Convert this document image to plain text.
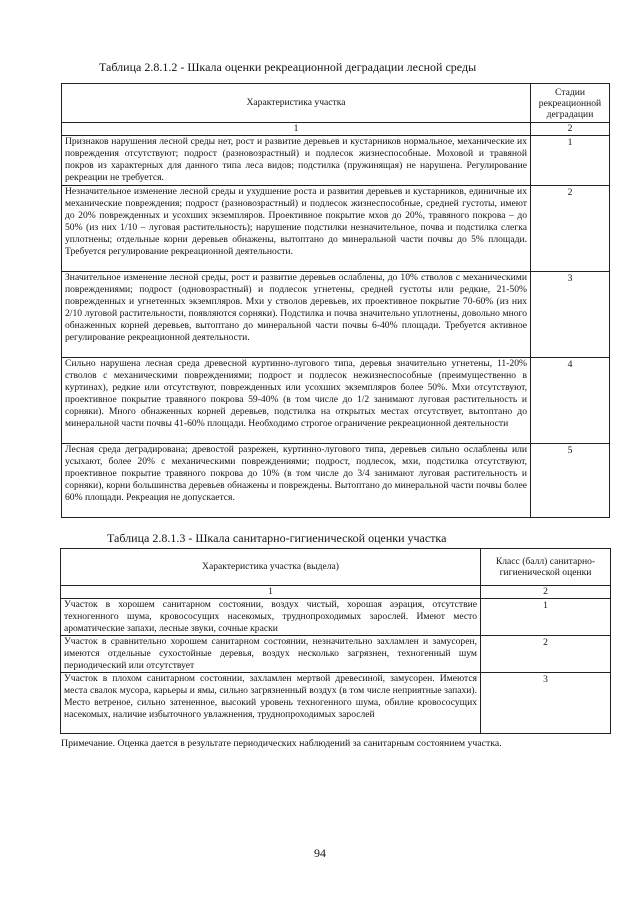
Таблица 2.8.1.2 - Шкала оценки рекреационной деградации лесной среды
Характеристика участка	Стадии рекреационной деградации
1	2
Признаков нарушения лесной среды нет, рост и развитие деревьев и кустарников нормальное, механические их повреждения отсутствуют; подрост (разновозрастный) и подлесок жизнеспособные. Моховой и травяной покров из характерных для данного типа леса видов; подстилка (пружинящая) не нарушена. Регулирование рекреации не требуется.	1
Незначительное изменение лесной среды и ухудшение роста и развития деревьев и кустарников, единичные их механические повреждения; подрост (разновозрастный) и подлесок жизнеспособные, средней густоты, имеют до 20% поврежденных и усохших экземпляров. Проективное покрытие мхов до 20%, травяного покрова – до 50% (из них 1/10 – луговая растительность); нарушение подстилки незначительное, почва и подстилка слегка уплотнены; отдельные корни деревьев обнажены, вытоптано до минеральной части почвы до 5% площади. Требуется регулирование рекреационной деятельности.	2
Значительное изменение лесной среды, рост и развитие деревьев ослаблены, до 10% стволов с механическими повреждениями; подрост (одновозрастный) и подлесок угнетены, средней густоты или редкие, 21-50% поврежденных и угнетенных экземпляров. Мхи у стволов деревьев, их проективное покрытие 70-60% (из них 2/10 луговой растительности, появляются сорняки). Подстилка и почва значительно уплотнены, довольно много обнаженных корней деревьев, вытоптано до минеральной части почвы 6-40% площади. Требуется активное регулирование рекреационной деятельности.	3
Сильно нарушена лесная среда древесной куртинно-лугового типа, деревья значительно угнетены, 11-20% стволов с механическими повреждениями; подрост и подлесок нежизнеспособные (преимущественно в куртинах), редкие или отсутствуют, поврежденных или усохших экземпляров более 50%. Мхи отсутствуют, проективное покрытие травяного покрова 59-40% (в том числе до 1/2 занимают луговая растительность и сорняки). Много обнаженных корней деревьев, подстилка на открытых местах отсутствует, вытоптано до минеральной части почвы 41-60% площади. Необходимо строгое ограничение рекреационной деятельности	4
Лесная среда деградирована; древостой разрежен, куртинно-лугового типа, деревьев сильно ослаблены или усыхают, более 20% с механическими повреждениями; подрост, подлесок, мхи, подстилка отсутствуют, проективное покрытие травяного покрова до 10% (в том числе до 3/4 занимают луговая растительность и сорняки), корни большинства деревьев обнажены и повреждены. Вытоптано до минеральной части почвы более 60% площади. Рекреация не допускается.	5
Таблица 2.8.1.3 - Шкала санитарно-гигиенической оценки участка
Характеристика участка (выдела)	Класс (балл) санитарно-гигиенической оценки
1	2
Участок в хорошем санитарном состоянии, воздух чистый, хорошая аэрация, отсутствие техногенного шума, кровососущих насекомых, труднопроходимых зарослей. Имеют место ароматические запахи, лесные звуки, сочные краски	1
Участок в сравнительно хорошем санитарном состоянии, незначительно захламлен и замусорен, имеются отдельные сухостойные деревья, воздух несколько загрязнен, техногенный шум периодический или отсутствует	2
Участок в плохом санитарном состоянии, захламлен мертвой древесиной, замусорен. Имеются места свалок мусора, карьеры и ямы, сильно загрязненный воздух (в том числе неприятные запахи). Место ветреное, сильно затененное, высокий уровень техногенного шума, обилие кровососущих насекомых, наличие избыточного увлажнения, труднопроходимых зарослей	3
Примечание. Оценка дается в результате периодических наблюдений за санитарным состоянием участка.
94
